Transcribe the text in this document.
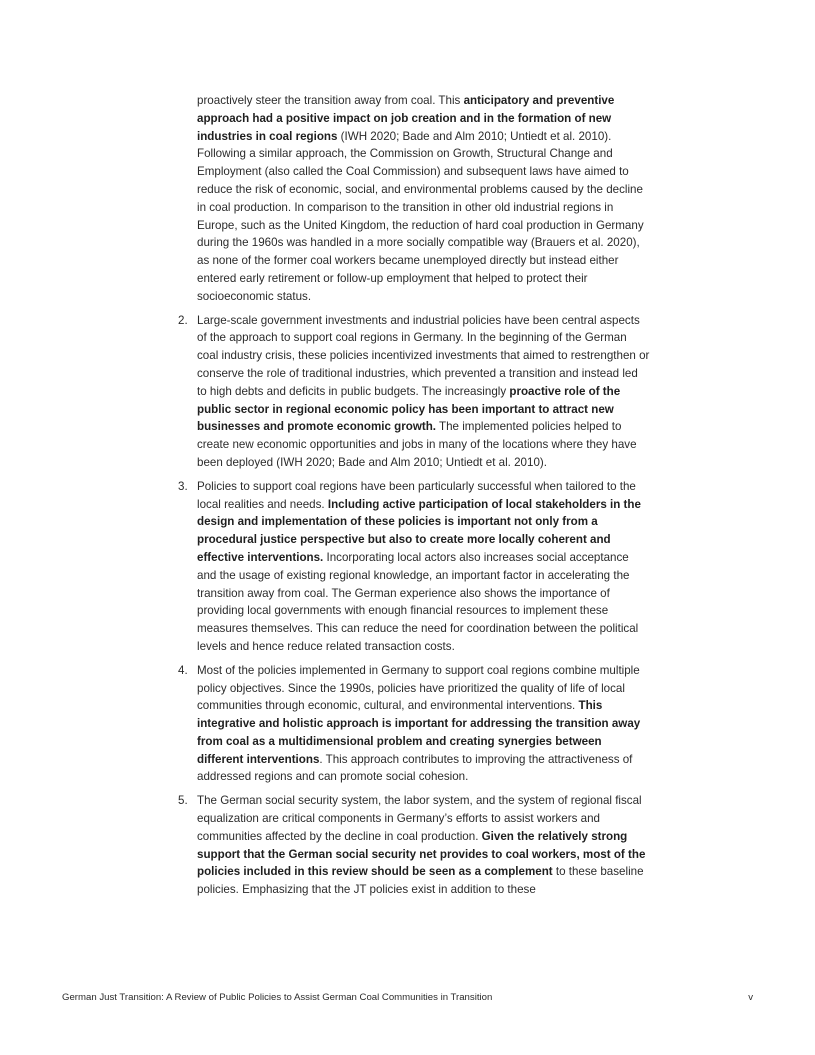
proactively steer the transition away from coal. This anticipatory and preventive approach had a positive impact on job creation and in the formation of new industries in coal regions (IWH 2020; Bade and Alm 2010; Untiedt et al. 2010). Following a similar approach, the Commission on Growth, Structural Change and Employment (also called the Coal Commission) and subsequent laws have aimed to reduce the risk of economic, social, and environmental problems caused by the decline in coal production. In comparison to the transition in other old industrial regions in Europe, such as the United Kingdom, the reduction of hard coal production in Germany during the 1960s was handled in a more socially compatible way (Brauers et al. 2020), as none of the former coal workers became unemployed directly but instead either entered early retirement or follow-up employment that helped to protect their socioeconomic status.

2. Large-scale government investments and industrial policies have been central aspects of the approach to support coal regions in Germany. In the beginning of the German coal industry crisis, these policies incentivized investments that aimed to restrengthen or conserve the role of traditional industries, which prevented a transition and instead led to high debts and deficits in public budgets. The increasingly proactive role of the public sector in regional economic policy has been important to attract new businesses and promote economic growth. The implemented policies helped to create new economic opportunities and jobs in many of the locations where they have been deployed (IWH 2020; Bade and Alm 2010; Untiedt et al. 2010).
3. Policies to support coal regions have been particularly successful when tailored to the local realities and needs. Including active participation of local stakeholders in the design and implementation of these policies is important not only from a procedural justice perspective but also to create more locally coherent and effective interventions. Incorporating local actors also increases social acceptance and the usage of existing regional knowledge, an important factor in accelerating the transition away from coal. The German experience also shows the importance of providing local governments with enough financial resources to implement these measures themselves. This can reduce the need for coordination between the political levels and hence reduce related transaction costs.
4. Most of the policies implemented in Germany to support coal regions combine multiple policy objectives. Since the 1990s, policies have prioritized the quality of life of local communities through economic, cultural, and environmental interventions. This integrative and holistic approach is important for addressing the transition away from coal as a multidimensional problem and creating synergies between different interventions. This approach contributes to improving the attractiveness of addressed regions and can promote social cohesion.
5. The German social security system, the labor system, and the system of regional fiscal equalization are critical components in Germany’s efforts to assist workers and communities affected by the decline in coal production. Given the relatively strong support that the German social security net provides to coal workers, most of the policies included in this review should be seen as a complement to these baseline policies. Emphasizing that the JT policies exist in addition to these
German Just Transition: A Review of Public Policies to Assist German Coal Communities in Transition	v
